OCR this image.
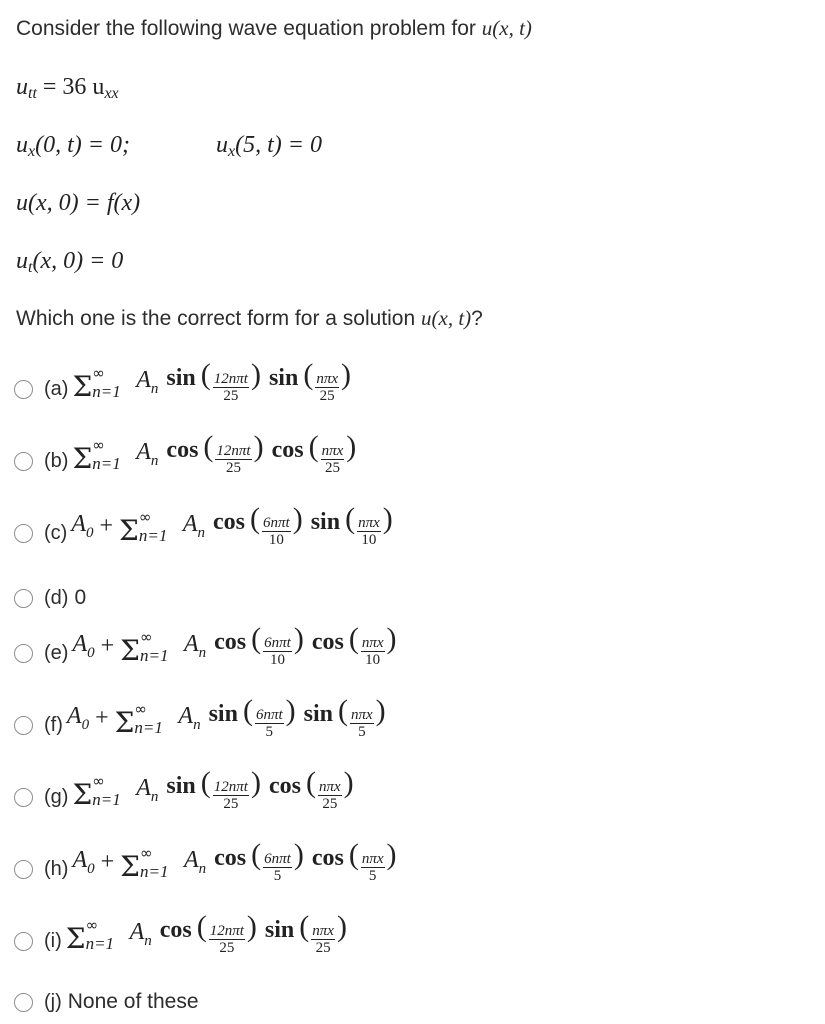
Consider the following wave equation problem for u(x, t)
$u_{tt} = 36$ $u_{xx}$
$u_x(0$, t) = 0;	$u_x(5$, t) = 0
u(x, 0) = f(x)
$u_t(x$, 0) = 0
Which one is the correct form for a solution u(x, t)?
(a) Σ ∞
n=1 $A_n$ sin ( $\frac{\text{12nπt}}{25}$ ) sin ( $\frac{\text{nπx}}{25}$ )
(b) Σ ∞
n=1 $A_n$ cos ( $\frac{\text{12nπt}}{25}$ ) cos ( $\frac{\text{nπx}}{25}$ )
(c) $A_0 + \Sigma$ ∞
n=1 $A_n$ cos ( $\frac{\text{6nπt}}{10}$ ) sin ( $\frac{\text{nπx}}{10}$ )
(d) 0
(e) $A_0 + \Sigma$ ∞
n=1 $A_n$ cos ( $\frac{\text{6nπt}}{10}$ ) cos ( $\frac{\text{nπx}}{10}$ )
(f) $A_0 + \Sigma$ ∞
n=1 $A_n$ sin ( $\frac{\text{6nπt}}{5}$ ) sin ( $\frac{\text{nπx}}{5}$ )
(g) Σ ∞
n=1 $A_n$ sin ( $\frac{\text{12nπt}}{25}$ ) cos ( $\frac{\text{nπx}}{25}$ )
(h) $A_0 + \Sigma$ ∞
n=1 $A_n$ cos ( $\frac{\text{6nπt}}{5}$ ) cos ( $\frac{\text{nπx}}{5}$ )
(i) Σ ∞
n=1 $A_n$ cos ( $\frac{\text{12nπt}}{25}$ ) sin ( $\frac{\text{nπx}}{25}$ )
(j) None of these
